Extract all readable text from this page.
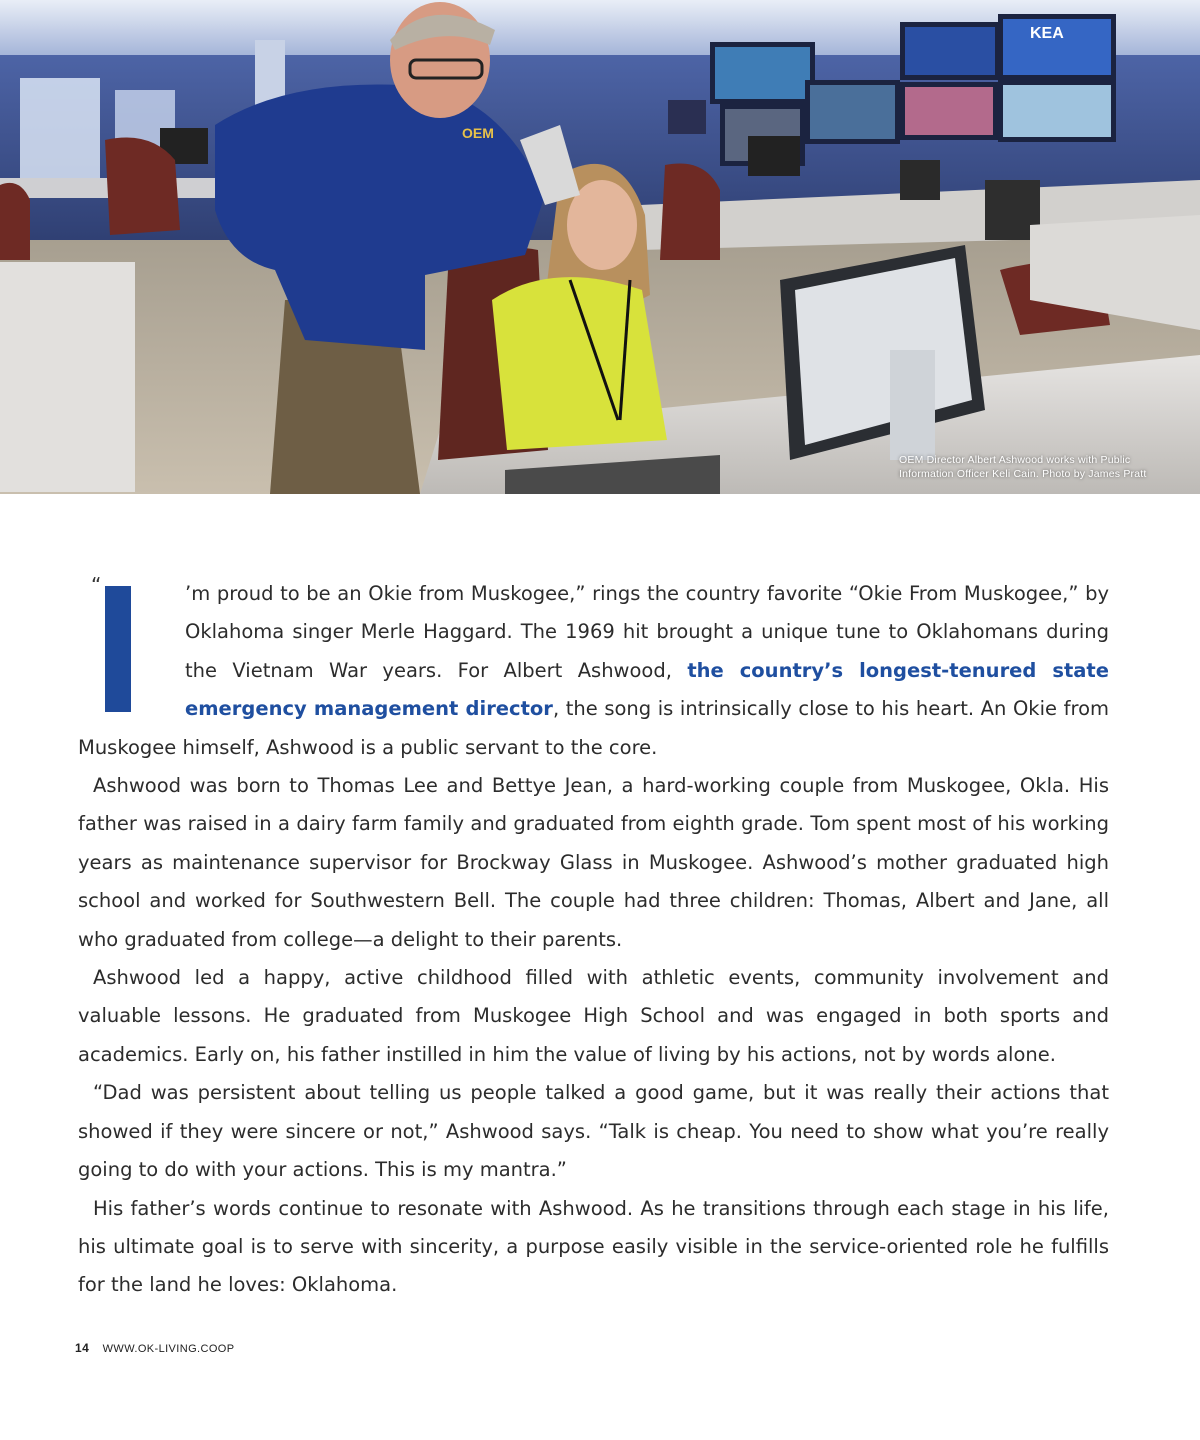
KEA
OEM
OEM Director Albert Ashwood works with Public
Information Officer Keli Cain. Photo by James Pratt
“	’m proud to be an Okie from Muskogee,” rings the country favorite “Okie From Muskogee,” by Oklahoma singer Merle Haggard. The 1969 hit brought a unique tune to Oklahomans during the Vietnam War years. For Albert Ashwood, the country’s longest-tenured state emergency management director, the song is intrinsically close to his heart. An Okie from Muskogee himself, Ashwood is a public servant to the core.

Ashwood was born to Thomas Lee and Bettye Jean, a hard-working couple from Muskogee, Okla. His father was raised in a dairy farm family and graduated from eighth grade. Tom spent most of his working years as maintenance supervisor for Brockway Glass in Muskogee. Ashwood’s mother graduated high school and worked for Southwestern Bell. The couple had three children: Thomas, Albert and Jane, all who graduated from college—a delight to their parents.

Ashwood led a happy, active childhood filled with athletic events, community involvement and valuable lessons. He graduated from Muskogee High School and was engaged in both sports and academics. Early on, his father instilled in him the value of living by his actions, not by words alone.

“Dad was persistent about telling us people talked a good game, but it was really their actions that showed if they were sincere or not,” Ashwood says. “Talk is cheap. You need to show what you’re really going to do with your actions. This is my mantra.”

His father’s words continue to resonate with Ashwood. As he transitions through each stage in his life, his ultimate goal is to serve with sincerity, a purpose easily visible in the service-oriented role he fulfills for the land he loves: Oklahoma.

14 WWW.OK-LIVING.COOP
